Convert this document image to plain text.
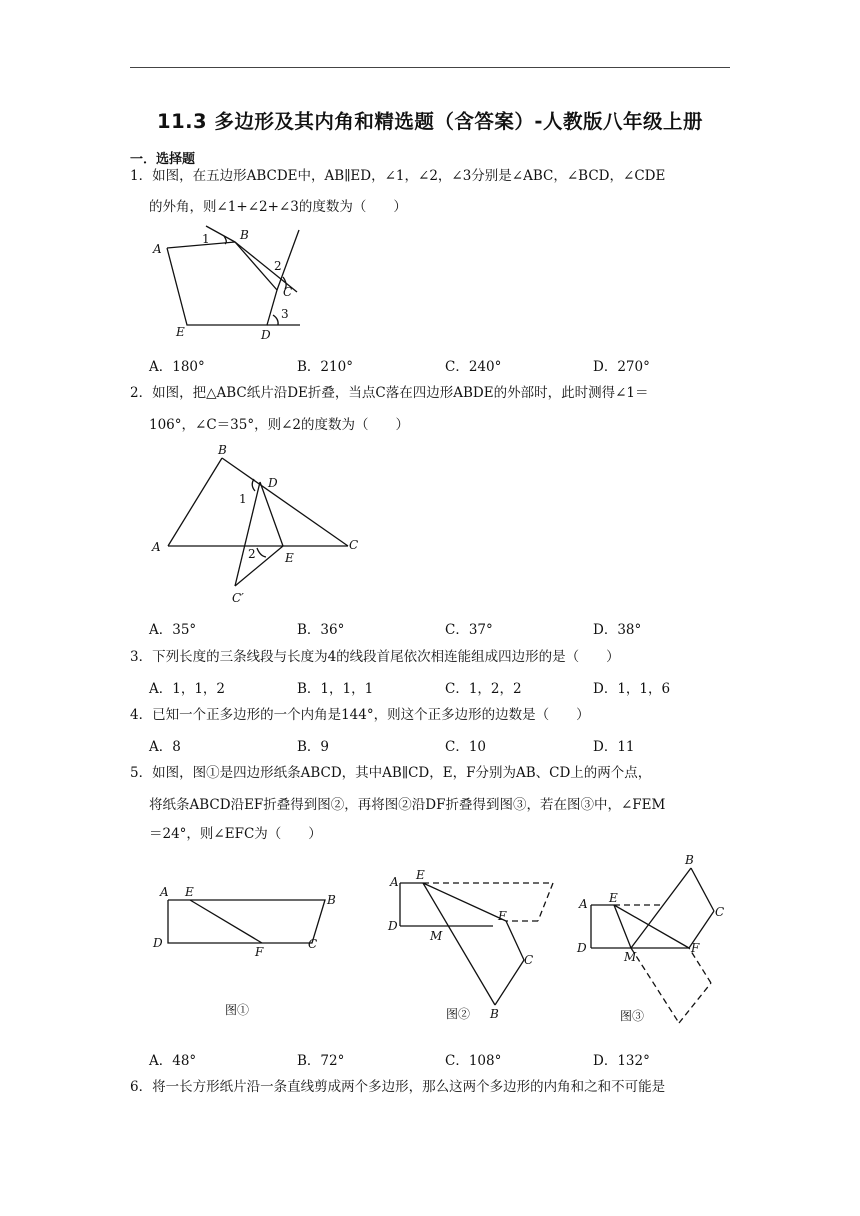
11.3 多边形及其内角和精选题（含答案）-人教版八年级上册
一．选择题
1．如图，在五边形ABCDE中，AB∥ED，∠1，∠2，∠3分别是∠ABC，∠BCD，∠CDE
的外角，则∠1+∠2+∠3的度数为（　　）
A
B
C
D
E
1
2
3
A．180°	B．210°	C．240°	D．270°
2．如图，把△ABC纸片沿DE折叠，当点C落在四边形ABDE的外部时，此时测得∠1＝
106°，∠C＝35°，则∠2的度数为（　　）
B
D
A	C
E
C′
1
2
A．35°	B．36°	C．37°	D．38°
3．下列长度的三条线段与长度为4的线段首尾依次相连能组成四边形的是（　　）
A．1，1，2	B．1，1，1	C．1，2，2	D．1，1，6
4．已知一个正多边形的一个内角是144°，则这个正多边形的边数是（　　）
A．8	B．9	C．10	D．11
5．如图，图①是四边形纸条ABCD，其中AB∥CD，E，F分别为AB、CD上的两个点，
将纸条ABCD沿EF折叠得到图②，再将图②沿DF折叠得到图③，若在图③中，∠FEM
＝24°，则∠EFC为（　　）
A E
B
D
F
C
图①
A E
D
M
F
C
B
图②
A E
D
M
F
C
B
图③
A．48°	B．72°	C．108°	D．132°
6．将一长方形纸片沿一条直线剪成两个多边形，那么这两个多边形的内角和之和不可能是
